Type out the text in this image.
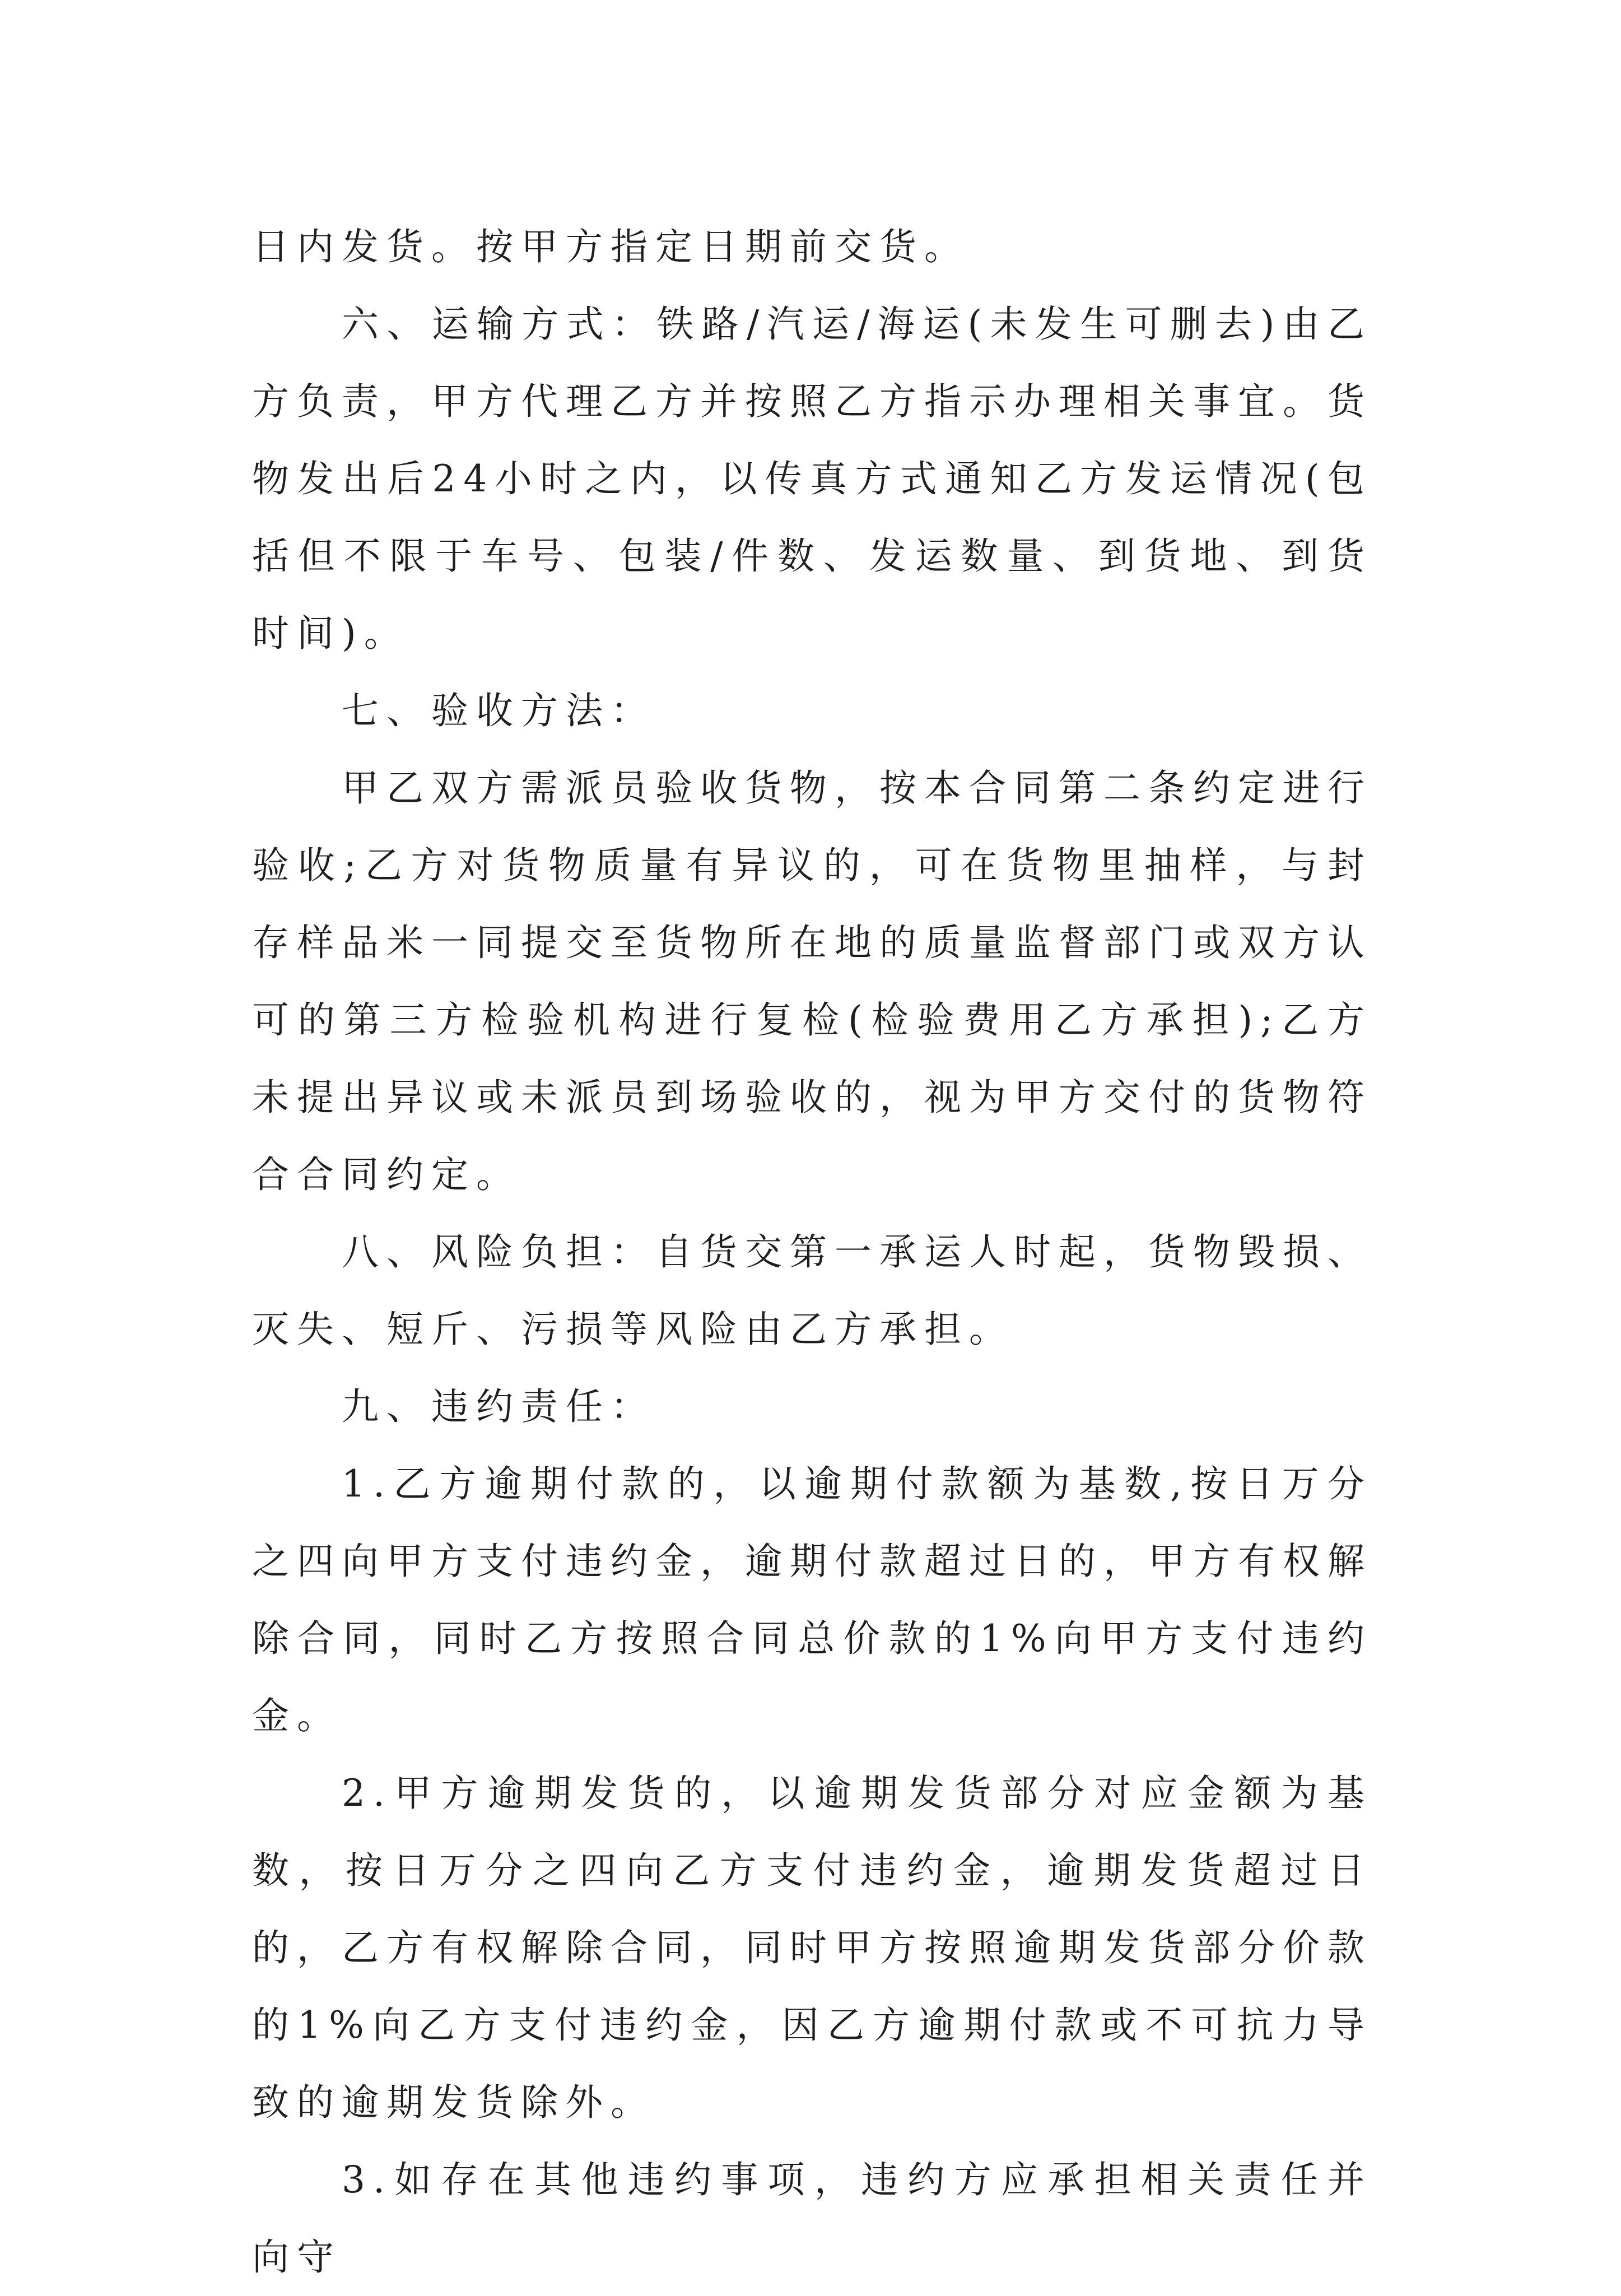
日内发货。按甲方指定日期前交货。

六、运输方式：铁路/汽运/海运(未发生可删去)由乙方负责，甲方代理乙方并按照乙方指示办理相关事宜。货物发出后24小时之内，以传真方式通知乙方发运情况(包括但不限于车号、包装/件数、发运数量、到货地、到货时间)。

七、验收方法：

甲乙双方需派员验收货物，按本合同第二条约定进行验收;乙方对货物质量有异议的，可在货物里抽样，与封存样品米一同提交至货物所在地的质量监督部门或双方认可的第三方检验机构进行复检(检验费用乙方承担);乙方未提出异议或未派员到场验收的，视为甲方交付的货物符合合同约定。

八、风险负担：自货交第一承运人时起，货物毁损、灭失、短斤、污损等风险由乙方承担。

九、违约责任：

1.乙方逾期付款的，以逾期付款额为基数,按日万分之四向甲方支付违约金，逾期付款超过日的，甲方有权解除合同，同时乙方按照合同总价款的1%向甲方支付违约金。

2.甲方逾期发货的，以逾期发货部分对应金额为基数，按日万分之四向乙方支付违约金，逾期发货超过日的，乙方有权解除合同，同时甲方按照逾期发货部分价款的1%向乙方支付违约金，因乙方逾期付款或不可抗力导致的逾期发货除外。

3.如存在其他违约事项，违约方应承担相关责任并向守
